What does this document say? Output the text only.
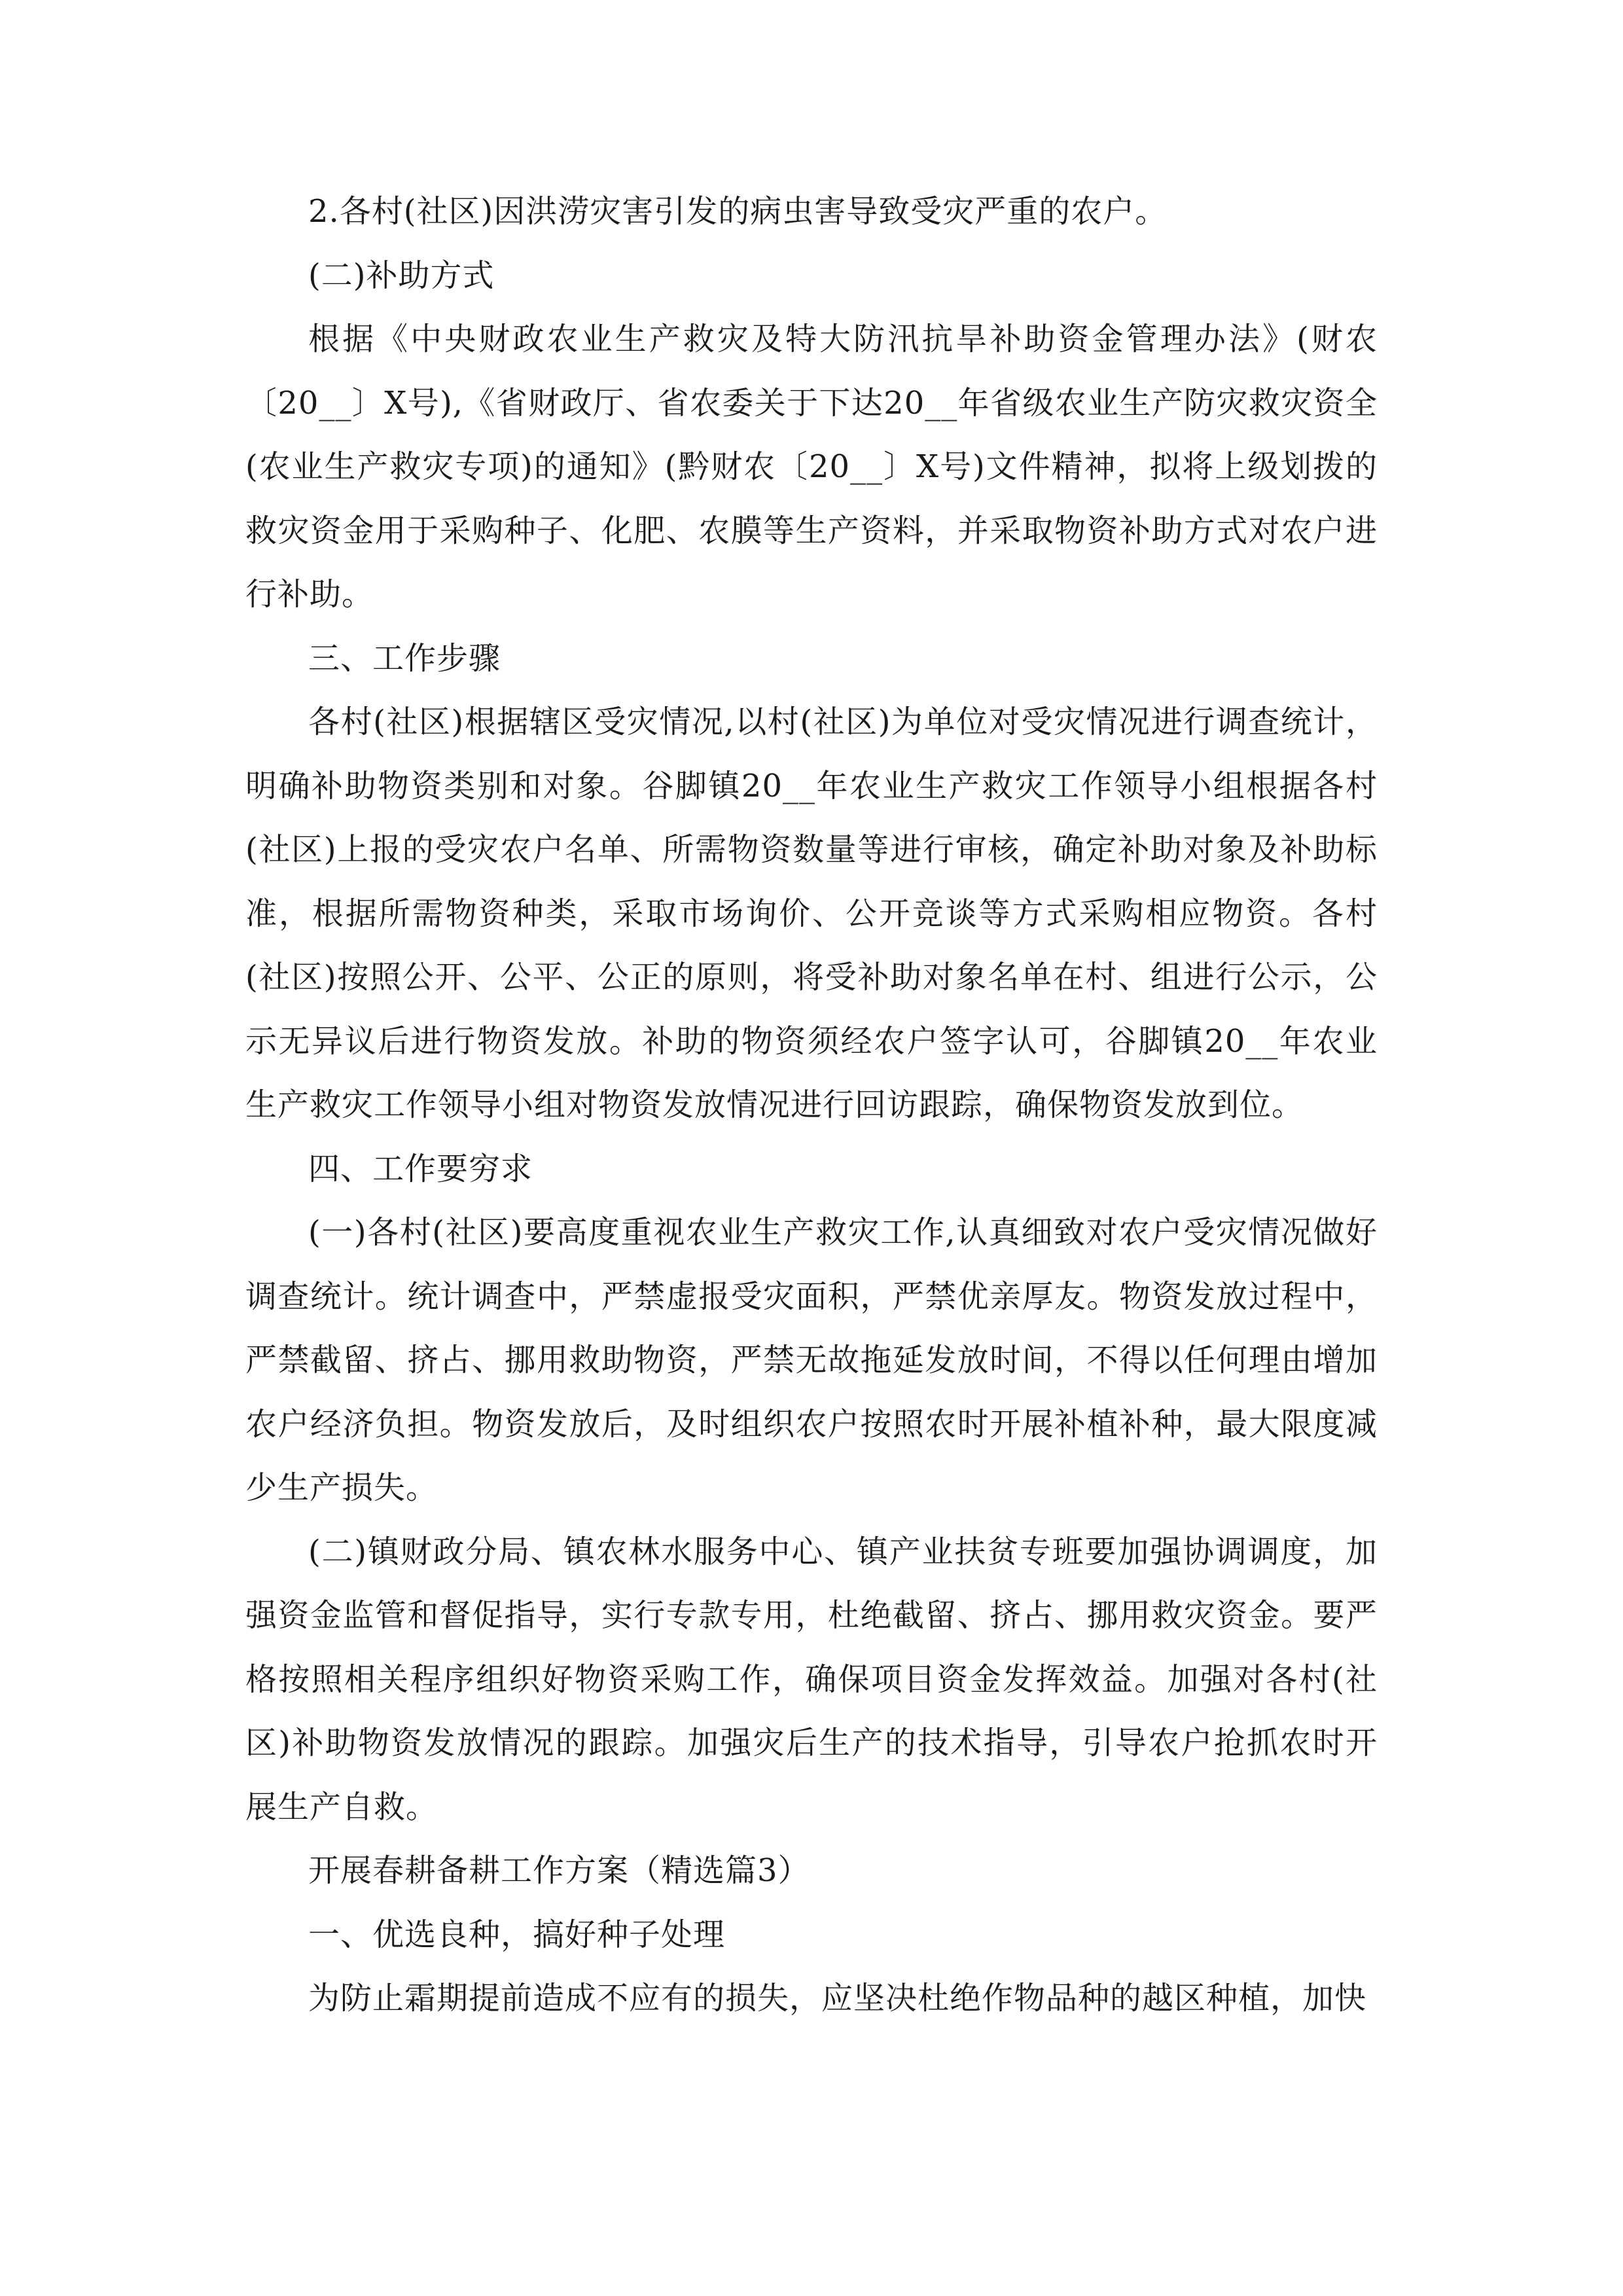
2.各村(社区)因洪涝灾害引发的病虫害导致受灾严重的农户。

(二)补助方式

根据《中央财政农业生产救灾及特大防汛抗旱补助资金管理办法》(财农〔20__〕X号),《省财政厅、省农委关于下达20__年省级农业生产防灾救灾资全(农业生产救灾专项)的通知》(黔财农〔20__〕X号)文件精神，拟将上级划拨的救灾资金用于采购种子、化肥、农膜等生产资料，并采取物资补助方式对农户进行补助。

三、工作步骤

各村(社区)根据辖区受灾情况,以村(社区)为单位对受灾情况进行调查统计，明确补助物资类别和对象。谷脚镇20__年农业生产救灾工作领导小组根据各村(社区)上报的受灾农户名单、所需物资数量等进行审核，确定补助对象及补助标准，根据所需物资种类，采取市场询价、公开竞谈等方式采购相应物资。各村(社区)按照公开、公平、公正的原则，将受补助对象名单在村、组进行公示，公示无异议后进行物资发放。补助的物资须经农户签字认可，谷脚镇20__年农业生产救灾工作领导小组对物资发放情况进行回访跟踪，确保物资发放到位。

四、工作要穷求

(一)各村(社区)要高度重视农业生产救灾工作,认真细致对农户受灾情况做好调查统计。统计调查中，严禁虚报受灾面积，严禁优亲厚友。物资发放过程中，严禁截留、挤占、挪用救助物资，严禁无故拖延发放时间，不得以任何理由增加农户经济负担。物资发放后，及时组织农户按照农时开展补植补种，最大限度减少生产损失。

(二)镇财政分局、镇农林水服务中心、镇产业扶贫专班要加强协调调度，加强资金监管和督促指导，实行专款专用，杜绝截留、挤占、挪用救灾资金。要严格按照相关程序组织好物资采购工作，确保项目资金发挥效益。加强对各村(社区)补助物资发放情况的跟踪。加强灾后生产的技术指导，引导农户抢抓农时开展生产自救。

开展春耕备耕工作方案（精选篇3）

一、优选良种，搞好种子处理

为防止霜期提前造成不应有的损失，应坚决杜绝作物品种的越区种植，加快
